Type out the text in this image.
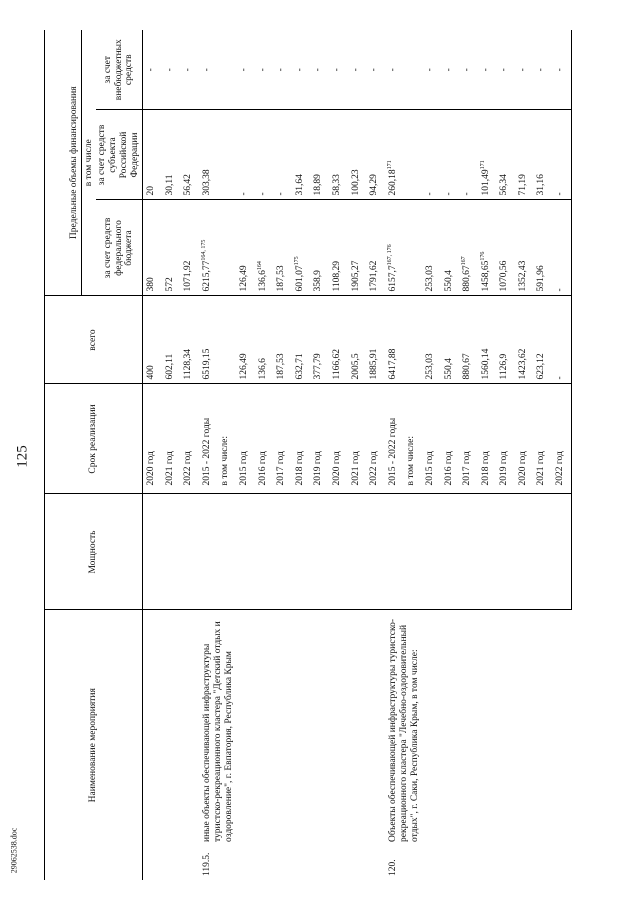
125
29062538.doc
Наименование мероприятия		Мощность	Срок реализации	всего	Предельные объемы финансирования		
					в том числе		
					за счет средств федерального бюджета	за счет средств субъекта Российской Федерации	за счет внебюджетных средств
			2020 год	400	380	20	-
			2021 год	602,11	572	30,11	-
			2022 год	1128,34	1071,92	56,42	-
119.5.	иные объекты обеспечивающей инфраструктуры туристско-рекреационного кластера "Детский отдых и оздоровление", г. Евпатория, Республика Крым		2015 - 2022 годы	6519,15	6215,77$^{164, 175}$	303,38	-
			в том числе:				
			2015 год	126,49	126,49	-	-
			2016 год	136,6	136,6$^{164}$	-	-
			2017 год	187,53	187,53	-	-
			2018 год	632,71	601,07$^{175}$	31,64	-
			2019 год	377,79	358,9	18,89	-
			2020 год	1166,62	1108,29	58,33	-
			2021 год	2005,5	1905,27	100,23	-
			2022 год	1885,91	1791,62	94,29	-
120.	Объекты обеспечивающей инфраструктуры туристско-рекреационного кластера "Лечебно-оздоровительный отдых", г. Саки, Республика Крым, в том числе:		2015 - 2022 годы	6417,88	6157,7$^{167, 176}$	260,18$^{171}$	-
			в том числе:				
			2015 год	253,03	253,03	-	-
			2016 год	550,4	550,4	-	-
			2017 год	880,67	880,67$^{167}$	-	-
			2018 год	1560,14	1458,65$^{176}$	101,49$^{171}$	-
			2019 год	1126,9	1070,56	56,34	-
			2020 год	1423,62	1352,43	71,19	-
			2021 год	623,12	591,96	31,16	-
			2022 год	-	-	-	-
